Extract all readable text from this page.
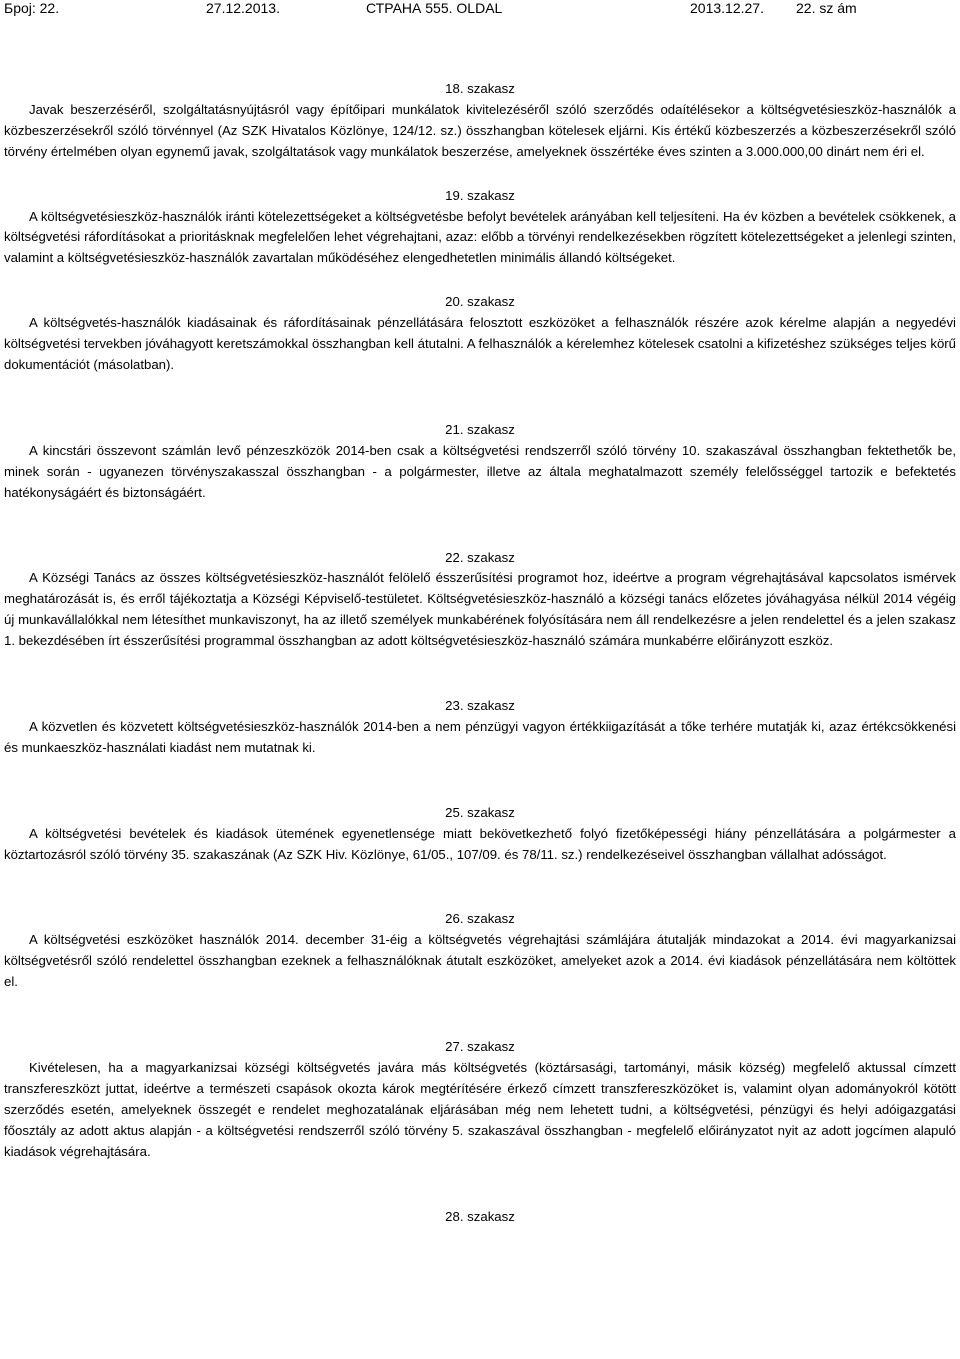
Број: 22.	27.12.2013.	СТРАНА 555. OLDAL	2013.12.27. 22. sz ám

18. szakasz

Javak beszerzéséről, szolgáltatásnyújtásról vagy építőipari munkálatok kivitelezéséről szóló szerződés odaítélésekor a költségvetésieszköz-használók a közbeszerzésekről szóló törvénnyel (Az SZK Hivatalos Közlönye, 124/12. sz.) összhangban kötelesek eljárni. Kis értékű közbeszerzés a közbeszerzésekről szóló törvény értelmében olyan egynemű javak, szolgáltatások vagy munkálatok beszerzése, amelyeknek összértéke éves szinten a 3.000.000,00 dinárt nem éri el.

19. szakasz

A költségvetésieszköz-használók iránti kötelezettségeket a költségvetésbe befolyt bevételek arányában kell teljesíteni. Ha év közben a bevételek csökkenek, a költségvetési ráfordításokat a prioritásknak megfelelően lehet végrehajtani, azaz: előbb a törvényi rendelkezésekben rögzített kötelezettségeket a jelenlegi szinten, valamint a költségvetésieszköz-használók zavartalan működéséhez elengedhetetlen minimális állandó költségeket.

20. szakasz

A költségvetés-használók kiadásainak és ráfordításainak pénzellátására felosztott eszközöket a felhasználók részére azok kérelme alapján a negyedévi költségvetési tervekben jóváhagyott keretszámokkal összhangban kell átutalni. A felhasználók a kérelemhez kötelesek csatolni a kifizetéshez szükséges teljes körű dokumentációt (másolatban).

21. szakasz

A kincstári összevont számlán levő pénzeszközök 2014-ben csak a költségvetési rendszerről szóló törvény 10. szakaszával összhangban fektethetők be, minek során - ugyanezen törvényszakasszal összhangban - a polgármester, illetve az általa meghatalmazott személy felelősséggel tartozik e befektetés hatékonyságáért és biztonságáért.

22. szakasz

A Községi Tanács az összes költségvetésieszköz-használót felölelő ésszerűsítési programot hoz, ideértve a program végrehajtásával kapcsolatos ismérvek meghatározását is, és erről tájékoztatja a Községi Képviselő-testületet. Költségvetésieszköz-használó a községi tanács előzetes jóváhagyása nélkül 2014 végéig új munkavállalókkal nem létesíthet munkaviszonyt, ha az illető személyek munkabérének folyósítására nem áll rendelkezésre a jelen rendelettel és a jelen szakasz 1. bekezdésében írt ésszerűsítési programmal összhangban az adott költségvetésieszköz-használó számára munkabérre előirányzott eszköz.

23. szakasz

A közvetlen és közvetett költségvetésieszköz-használók 2014-ben a nem pénzügyi vagyon értékkiigazítását a tőke terhére mutatják ki, azaz értékcsökkenési és munkaeszköz-használati kiadást nem mutatnak ki.

25. szakasz

A költségvetési bevételek és kiadások ütemének egyenetlensége miatt bekövetkezhető folyó fizetőképességi hiány pénzellátására a polgármester a köztartozásról szóló törvény 35. szakaszának (Az SZK Hiv. Közlönye, 61/05., 107/09. és 78/11. sz.) rendelkezéseivel összhangban vállalhat adósságot.

26. szakasz

A költségvetési eszközöket használók 2014. december 31-éig a költségvetés végrehajtási számlájára átutalják mindazokat a 2014. évi magyarkanizsai költségvetésről szóló rendelettel összhangban ezeknek a felhasználóknak átutalt eszközöket, amelyeket azok a 2014. évi kiadások pénzellátására nem költöttek el.

27. szakasz

Kivételesen, ha a magyarkanizsai községi költségvetés javára más költségvetés (köztársasági, tartományi, másik község) megfelelő aktussal címzett transzfereszközt juttat, ideértve a természeti csapások okozta károk megtérítésére érkező címzett transzfereszközöket is, valamint olyan adományokról kötött szerződés esetén, amelyeknek összegét e rendelet meghozatalának eljárásában még nem lehetett tudni, a költségvetési, pénzügyi és helyi adóigazgatási főosztály az adott aktus alapján - a költségvetési rendszerről szóló törvény 5. szakaszával összhangban - megfelelő előirányzatot nyit az adott jogcímen alapuló kiadások végrehajtására.

28. szakasz
